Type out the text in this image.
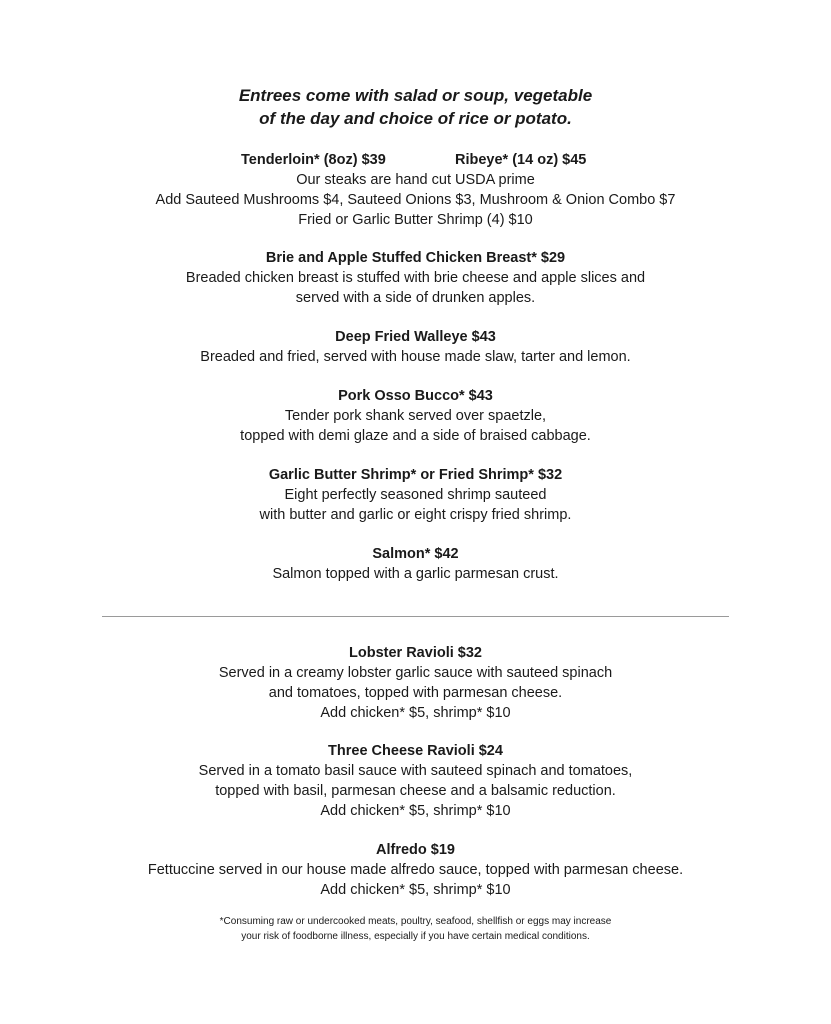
Entrees come with salad or soup, vegetable
of the day and choice of rice or potato.
Tenderloin* (8oz) $39	Ribeye* (14 oz) $45
Our steaks are hand cut USDA prime
Add Sauteed Mushrooms $4, Sauteed Onions $3, Mushroom & Onion Combo $7
Fried or Garlic Butter Shrimp (4) $10
Brie and Apple Stuffed Chicken Breast* $29
Breaded chicken breast is stuffed with brie cheese and apple slices and
served with a side of drunken apples.
Deep Fried Walleye $43
Breaded and fried, served with house made slaw, tarter and lemon.
Pork Osso Bucco* $43
Tender pork shank served over spaetzle,
topped with demi glaze and a side of braised cabbage.
Garlic Butter Shrimp* or Fried Shrimp* $32
Eight perfectly seasoned shrimp sauteed
with butter and garlic or eight crispy fried shrimp.
Salmon* $42
Salmon topped with a garlic parmesan crust.
Lobster Ravioli $32
Served in a creamy lobster garlic sauce with sauteed spinach
and tomatoes, topped with parmesan cheese.
Add chicken* $5, shrimp* $10
Three Cheese Ravioli $24
Served in a tomato basil sauce with sauteed spinach and tomatoes,
topped with basil, parmesan cheese and a balsamic reduction.
Add chicken* $5, shrimp* $10
Alfredo $19
Fettuccine served in our house made alfredo sauce, topped with parmesan cheese.
Add chicken* $5, shrimp* $10
*Consuming raw or undercooked meats, poultry, seafood, shellfish or eggs may increase
your risk of foodborne illness, especially if you have certain medical conditions.
